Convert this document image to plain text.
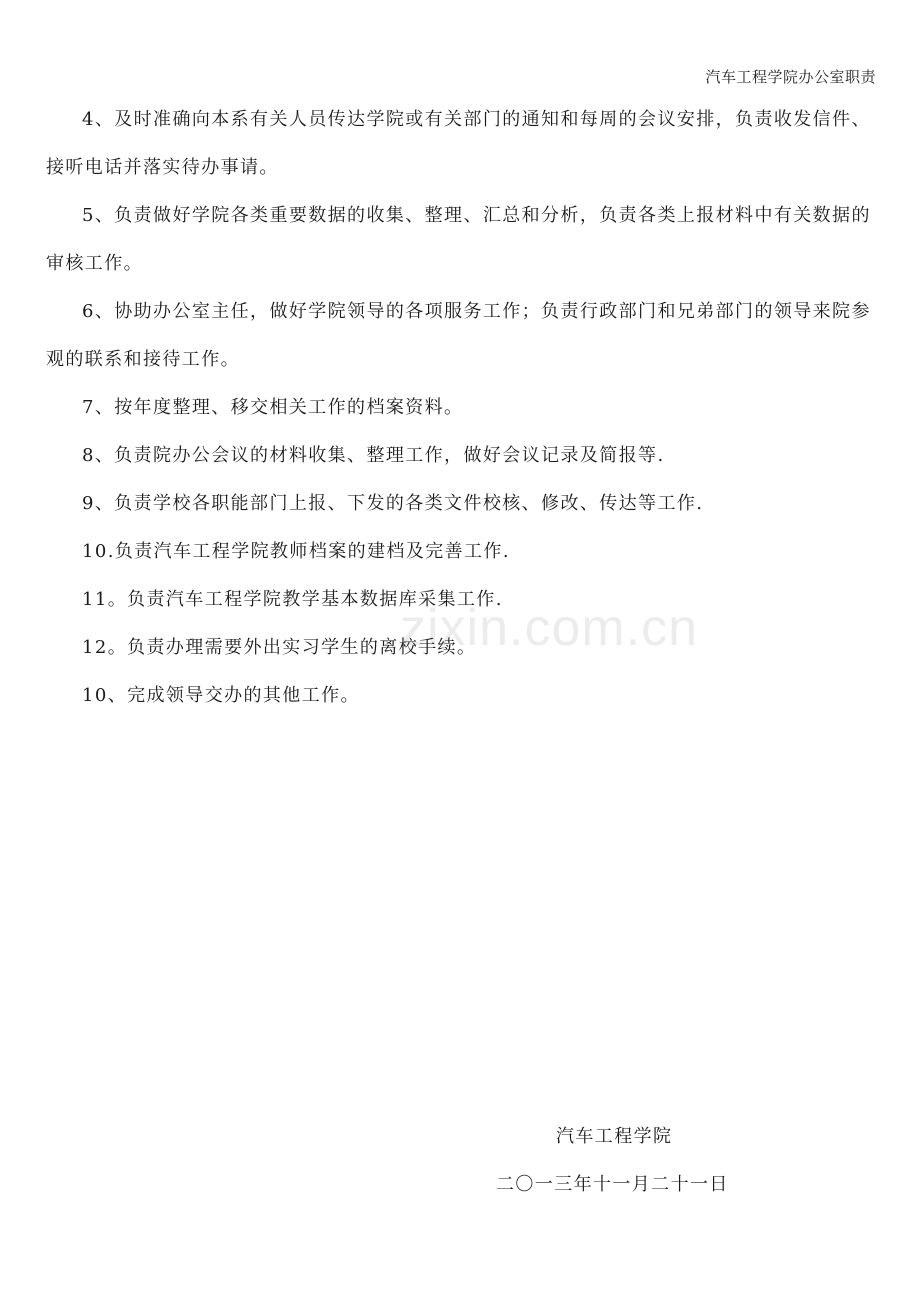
汽车工程学院办公室职责

4、及时准确向本系有关人员传达学院或有关部门的通知和每周的会议安排，负责收发信件、接听电话并落实待办事请。

5、负责做好学院各类重要数据的收集、整理、汇总和分析，负责各类上报材料中有关数据的审核工作。

6、协助办公室主任，做好学院领导的各项服务工作；负责行政部门和兄弟部门的领导来院参观的联系和接待工作。

7、按年度整理、移交相关工作的档案资料。

8、负责院办公会议的材料收集、整理工作，做好会议记录及简报等.

9、负责学校各职能部门上报、下发的各类文件校核、修改、传达等工作.

10.负责汽车工程学院教师档案的建档及完善工作.

11。负责汽车工程学院教学基本数据库采集工作.

12。负责办理需要外出实习学生的离校手续。

10、完成领导交办的其他工作。

zixin.com.cn
汽车工程学院
二〇一三年十一月二十一日
